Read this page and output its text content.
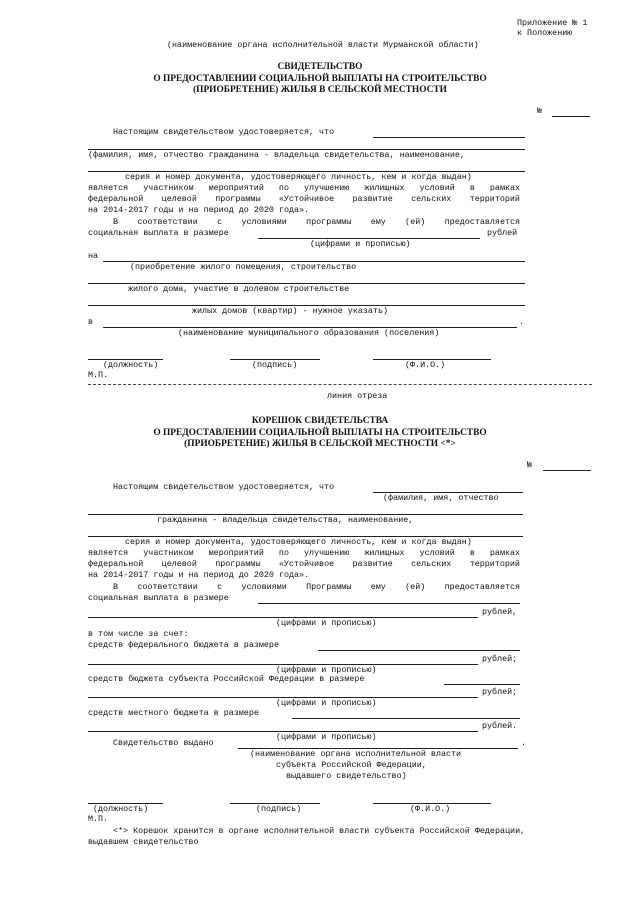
Приложение № 1
к Положению
(наименование органа исполнительной власти Мурманской области)
СВИДЕТЕЛЬСТВО
О ПРЕДОСТАВЛЕНИИ СОЦИАЛЬНОЙ ВЫПЛАТЫ НА СТРОИТЕЛЬСТВО
(ПРИОБРЕТЕНИЕ) ЖИЛЬЯ В СЕЛЬСКОЙ МЕСТНОСТИ
№
Настоящим свидетельством удостоверяется, что
(фамилия, имя, отчество гражданина - владельца свидетельства, наименование,
серия и номер документа, удостоверяющего личность, кем и когда выдан)
является участником мероприятий по улучшению жилищных условий в рамках
федеральной целевой программы «Устойчивое развитие сельских территорий
на 2014-2017 годы и на период до 2020 года».
В соответствии с условиями программы ему (ей) предоставляется
социальная выплата в размере	рублей
(цифрами и прописью)
на
(приобретение жилого помещения, строительство
жилого дома, участие в долевом строительстве
жилых домов (квартир) - нужное указать)
в	.
(наименование муниципального образования (поселения)
(должность)	(подпись)	(Ф.И.О.)
М.П.
линия отреза
КОРЕШОК СВИДЕТЕЛЬСТВА
О ПРЕДОСТАВЛЕНИИ СОЦИАЛЬНОЙ ВЫПЛАТЫ НА СТРОИТЕЛЬСТВО
(ПРИОБРЕТЕНИЕ) ЖИЛЬЯ В СЕЛЬСКОЙ МЕСТНОСТИ <*>
№
Настоящим свидетельством удостоверяется, что
(фамилия, имя, отчество
гражданина - владельца свидетельства, наименование,
серия и номер документа, удостоверяющего личность, кем и когда выдан)
является участником мероприятий по улучшению жилищных условий в рамках
федеральной целевой программы «Устойчивое развитие сельских территорий
на 2014-2017 годы и на период до 2020 года».
В соответствии с условиями Программы ему (ей) предоставляется
социальная выплата в размере
рублей,
(цифрами и прописью)
в том числе за счет:
средств федерального бюджета в размере
рублей;
(цифрами и прописью)
средств бюджета субъекта Российской Федерации в размере
рублей;
(цифрами и прописью)
средств местного бюджета в размере
рублей.
(цифрами и прописью)
Свидетельство выдано	.
(наименование органа исполнительной власти
субъекта Российской Федерации,
выдавшего свидетельство)
(должность)	(подпись)	(Ф.И.О.)
М.П.
<*> Корешок хранится в органе исполнительной власти субъекта Российской Федерации,
выдавшем свидетельство
